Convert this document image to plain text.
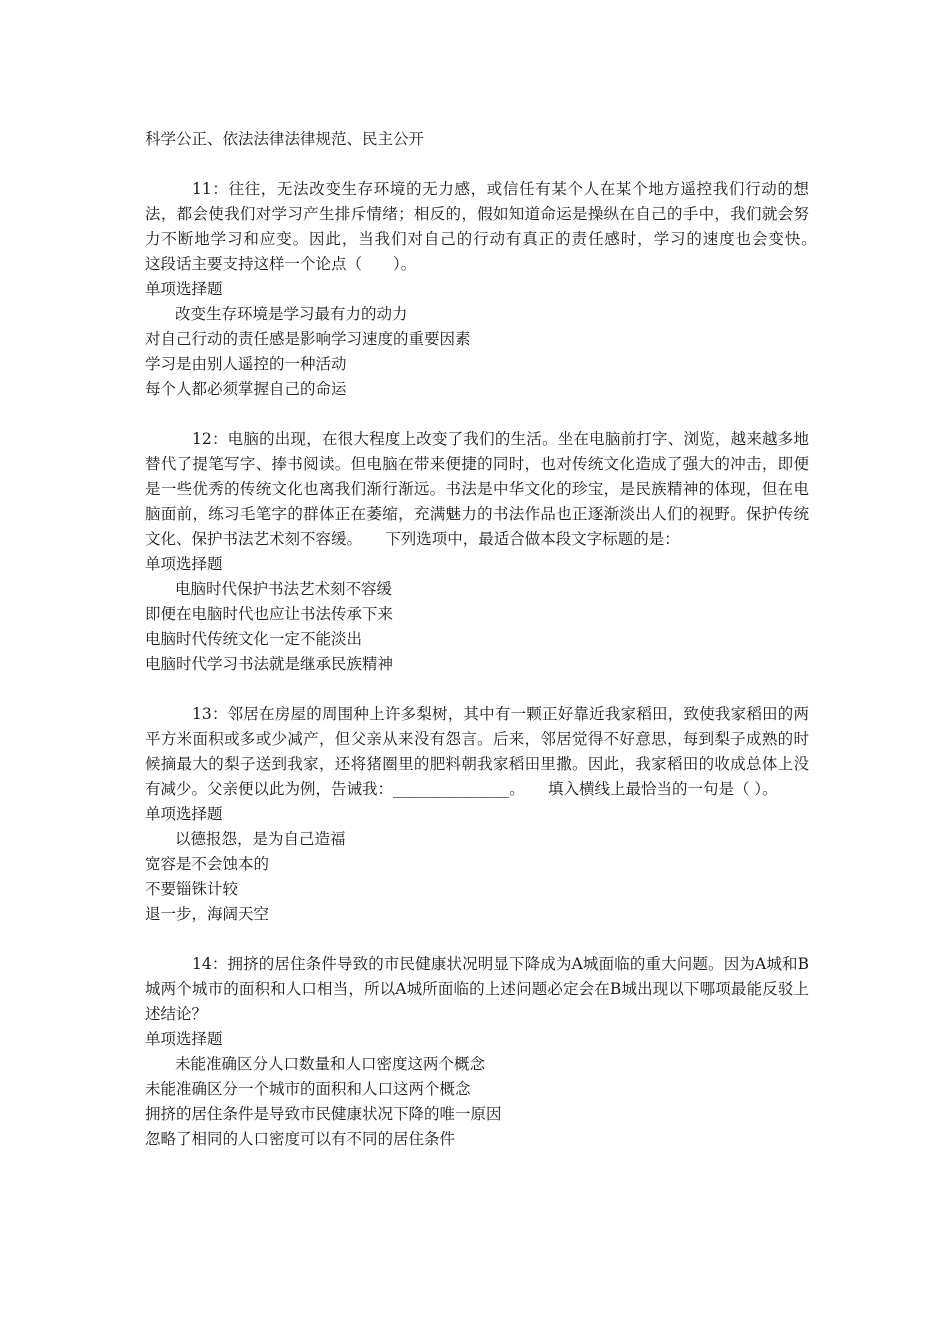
科学公正、依法法律法律规范、民主公开
11：往往，无法改变生存环境的无力感，或信任有某个人在某个地方遥控我们行动的想法，都会使我们对学习产生排斥情绪；相反的，假如知道命运是操纵在自己的手中，我们就会努力不断地学习和应变。因此，当我们对自己的行动有真正的责任感时，学习的速度也会变快。　　这段话主要支持这样一个论点（　　）。
单项选择题
改变生存环境是学习最有力的动力
对自己行动的责任感是影响学习速度的重要因素
学习是由别人遥控的一种活动
每个人都必须掌握自己的命运
12：电脑的出现，在很大程度上改变了我们的生活。坐在电脑前打字、浏览，越来越多地替代了提笔写字、捧书阅读。但电脑在带来便捷的同时，也对传统文化造成了强大的冲击，即便是一些优秀的传统文化也离我们渐行渐远。书法是中华文化的珍宝，是民族精神的体现，但在电脑面前，练习毛笔字的群体正在萎缩，充满魅力的书法作品也正逐渐淡出人们的视野。保护传统文化、保护书法艺术刻不容缓。　　下列选项中，最适合做本段文字标题的是：
单项选择题
电脑时代保护书法艺术刻不容缓
即便在电脑时代也应让书法传承下来
电脑时代传统文化一定不能淡出
电脑时代学习书法就是继承民族精神
13：邻居在房屋的周围种上许多梨树，其中有一颗正好靠近我家稻田，致使我家稻田的两平方米面积或多或少减产，但父亲从来没有怨言。后来，邻居觉得不好意思，每到梨子成熟的时候摘最大的梨子送到我家，还将猪圈里的肥料朝我家稻田里撒。因此，我家稻田的收成总体上没有减少。父亲便以此为例，告诫我：_______________。　　填入横线上最恰当的一句是（ ）。
单项选择题
以德报怨，是为自己造福
宽容是不会蚀本的
不要锱铢计较
退一步，海阔天空
14：拥挤的居住条件导致的市民健康状况明显下降成为A城面临的重大问题。因为A城和B城两个城市的面积和人口相当，所以A城所面临的上述问题必定会在B城出现以下哪项最能反驳上述结论？
单项选择题
未能准确区分人口数量和人口密度这两个概念
未能准确区分一个城市的面积和人口这两个概念
拥挤的居住条件是导致市民健康状况下降的唯一原因
忽略了相同的人口密度可以有不同的居住条件
